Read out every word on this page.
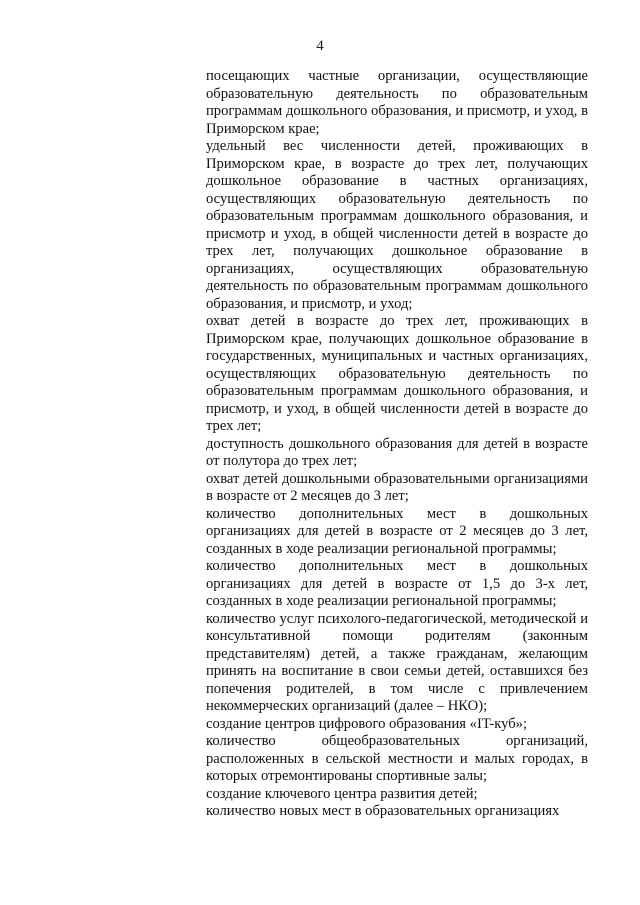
4

посещающих частные организации, осуществляющие образовательную деятельность по образовательным программам дошкольного образования, и присмотр, и уход, в Приморском крае;

удельный вес численности детей, проживающих в Приморском крае, в возрасте до трех лет, получающих дошкольное образование в частных организациях, осуществляющих образовательную деятельность по образовательным программам дошкольного образования, и присмотр и уход, в общей численности детей в возрасте до трех лет, получающих дошкольное образование в организациях, осуществляющих образовательную деятельность по образовательным программам дошкольного образования, и присмотр, и уход;

охват детей в возрасте до трех лет, проживающих в Приморском крае, получающих дошкольное образование в государственных, муниципальных и частных организациях, осуществляющих образовательную деятельность по образовательным программам дошкольного образования, и присмотр, и уход, в общей численности детей в возрасте до трех лет;

доступность дошкольного образования для детей в возрасте от полутора до трех лет;

охват детей дошкольными образовательными организациями в возрасте от 2 месяцев до 3 лет;

количество дополнительных мест в дошкольных организациях для детей в возрасте от 2 месяцев до 3 лет, созданных в ходе реализации региональной программы;

количество дополнительных мест в дошкольных организациях для детей в возрасте от 1,5 до 3-х лет, созданных в ходе реализации региональной программы;

количество услуг психолого-педагогической, методической и консультативной помощи родителям (законным представителям) детей, а также гражданам, желающим принять на воспитание в свои семьи детей, оставшихся без попечения родителей, в том числе с привлечением некоммерческих организаций (далее – НКО);

создание центров цифрового образования «IT-куб»;

количество общеобразовательных организаций, расположенных в сельской местности и малых городах, в которых отремонтированы спортивные залы;

создание ключевого центра развития детей;

количество новых мест в образовательных организациях
